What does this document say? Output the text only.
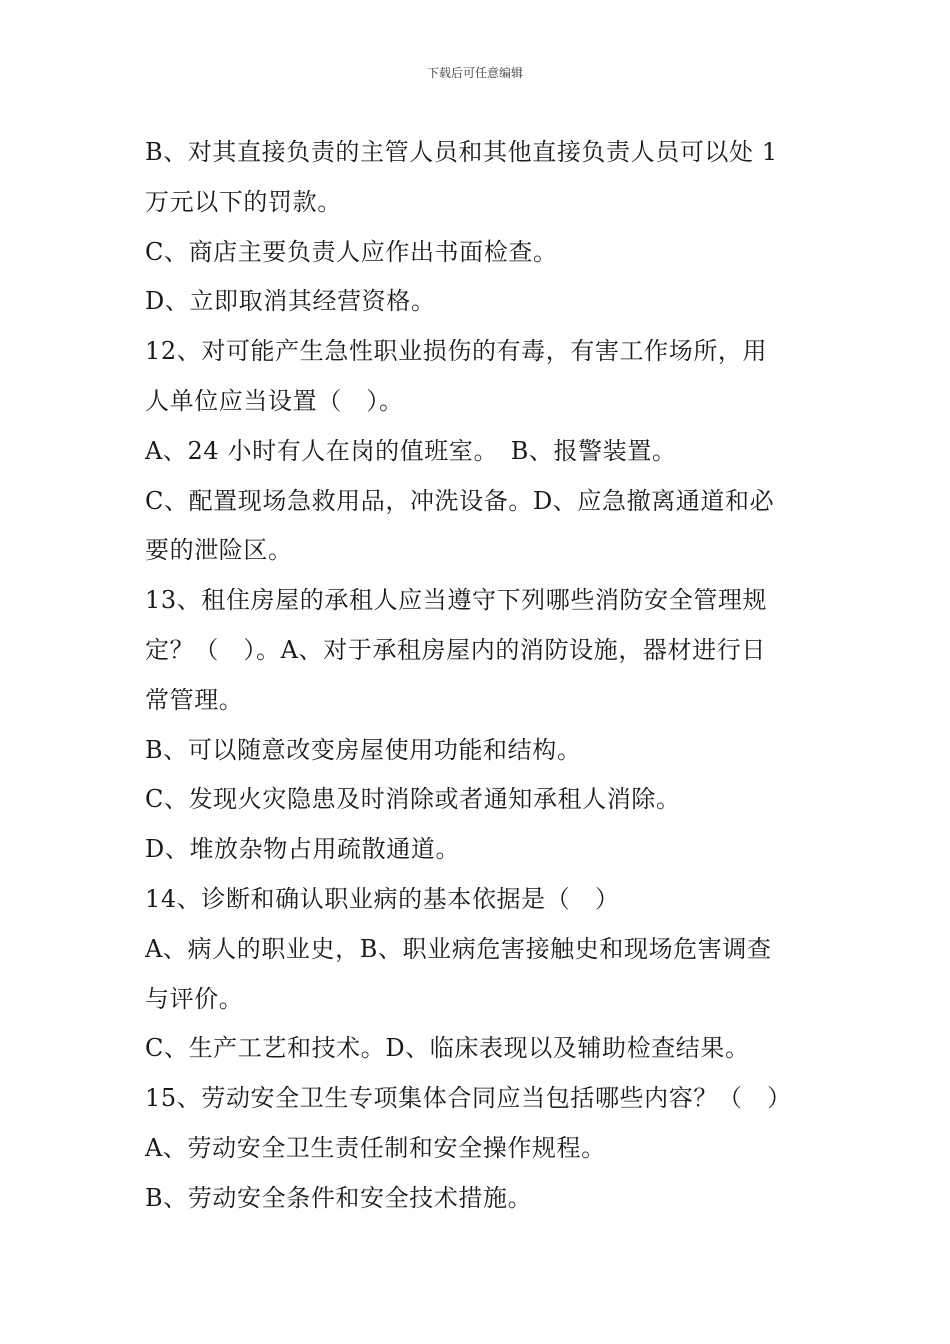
下载后可任意编辑
B、对其直接负责的主管人员和其他直接负责人员可以处 1
万元以下的罚款。
C、商店主要负责人应作出书面检查。
D、立即取消其经营资格。
12、对可能产生急性职业损伤的有毒，有害工作场所，用
人单位应当设置（　）。
A、24 小时有人在岗的值班室。　B、报警装置。
C、配置现场急救用品，冲洗设备。D、应急撤离通道和必
要的泄险区。
13、租住房屋的承租人应当遵守下列哪些消防安全管理规
定？（　）。A、对于承租房屋内的消防设施，器材进行日
常管理。
B、可以随意改变房屋使用功能和结构。
C、发现火灾隐患及时消除或者通知承租人消除。
D、堆放杂物占用疏散通道。
14、诊断和确认职业病的基本依据是（　）
A、病人的职业史，B、职业病危害接触史和现场危害调查
与评价。
C、生产工艺和技术。D、临床表现以及辅助检查结果。
15、劳动安全卫生专项集体合同应当包括哪些内容？（　）
A、劳动安全卫生责任制和安全操作规程。
B、劳动安全条件和安全技术措施。
